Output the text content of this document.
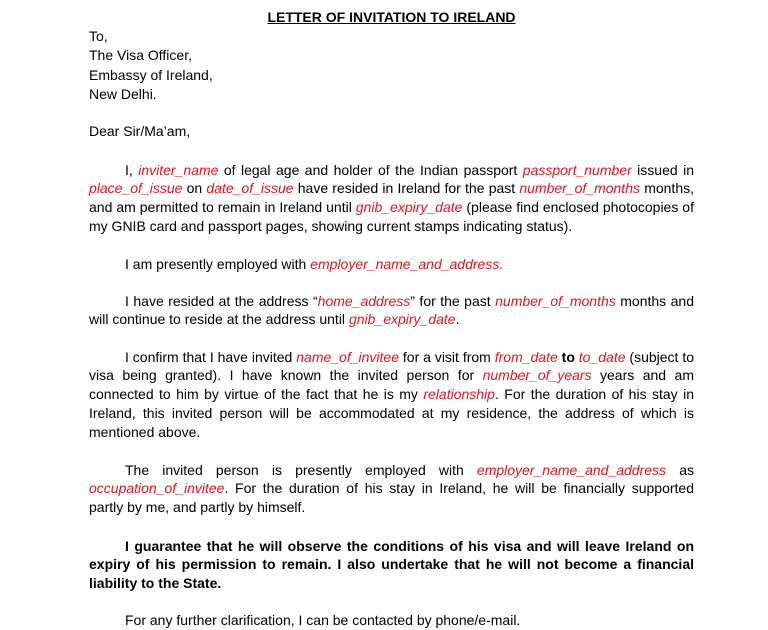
LETTER OF INVITATION TO IRELAND
To,
The Visa Officer,
Embassy of Ireland,
New Delhi.
Dear Sir/Ma’am,

I, inviter_name of legal age and holder of the Indian passport passport_number issued in place_of_issue on date_of_issue have resided in Ireland for the past number_of_months months, and am permitted to remain in Ireland until gnib_expiry_date (please find enclosed photocopies of my GNIB card and passport pages, showing current stamps indicating status).

I am presently employed with employer_name_and_address.

I have resided at the address “home_address” for the past number_of_months months and will continue to reside at the address until gnib_expiry_date.

I confirm that I have invited name_of_invitee for a visit from from_date to to_date (subject to visa being granted). I have known the invited person for number_of_years years and am connected to him by virtue of the fact that he is my relationship. For the duration of his stay in Ireland, this invited person will be accommodated at my residence, the address of which is mentioned above.

The invited person is presently employed with employer_name_and_address as occupation_of_invitee. For the duration of his stay in Ireland, he will be financially supported partly by me, and partly by himself.

I guarantee that he will observe the conditions of his visa and will leave Ireland on expiry of his permission to remain. I also undertake that he will not become a financial liability to the State.

For any further clarification, I can be contacted by phone/e-mail.
